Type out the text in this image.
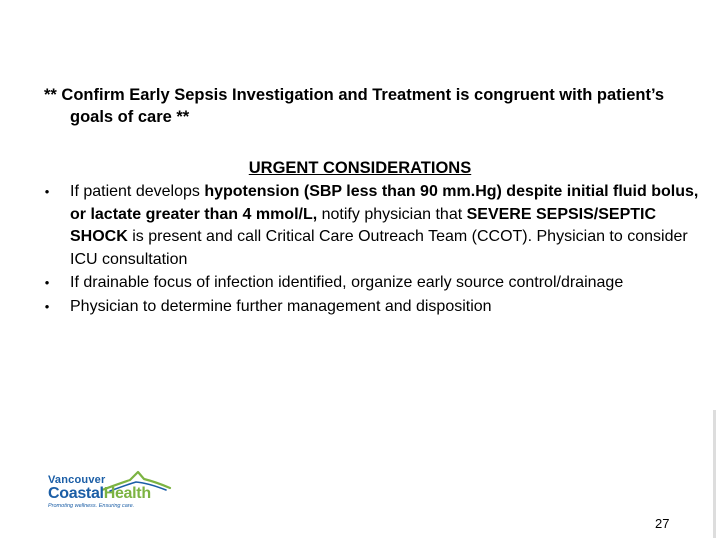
** Confirm Early Sepsis Investigation and Treatment is congruent with patient’s goals of care **
URGENT CONSIDERATIONS
• If patient develops hypotension (SBP less than 90 mm.Hg) despite initial fluid bolus, or lactate greater than 4 mmol/L, notify physician that SEVERE SEPSIS/SEPTIC SHOCK is present and call Critical Care Outreach Team (CCOT). Physician to consider ICU consultation
• If drainable focus of infection identified, organize early source control/drainage
• Physician to determine further management and disposition
Vancouver
CoastalHealth
Promoting wellness. Ensuring care.
27
